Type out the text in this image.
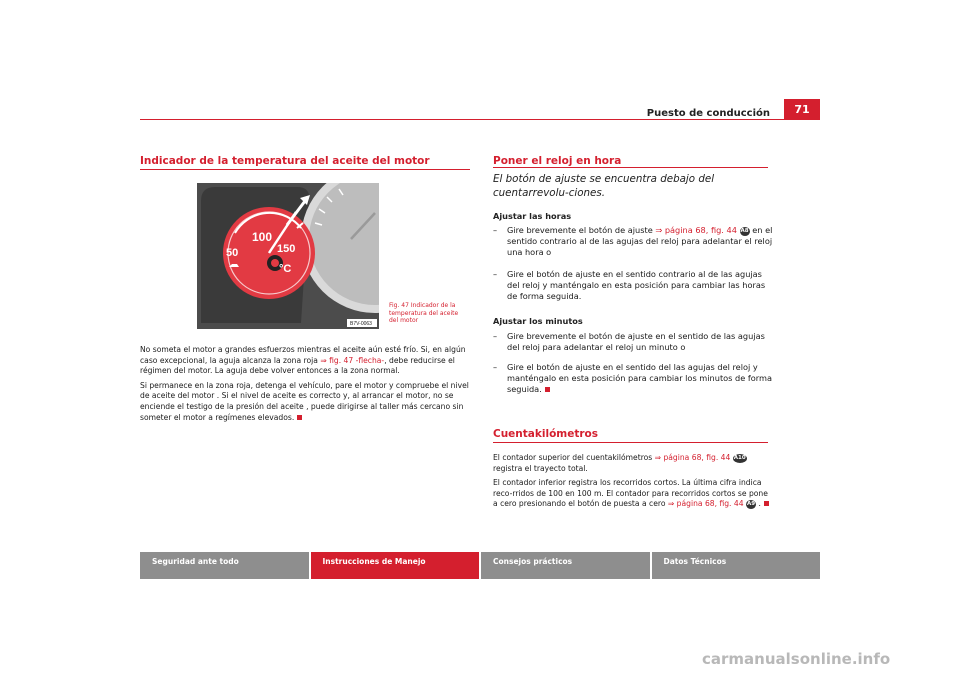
Puesto de conducción	71
Indicador de la temperatura del aceite del motor
100
50	150
°C
B7V-0063
Fig. 47 Indicador de la temperatura del aceite del motor

No someta el motor a grandes esfuerzos mientras el aceite aún esté frío. Si, en algún caso excepcional, la aguja alcanza la zona roja ⇒ fig. 47 -flecha-, debe reducirse el régimen del motor. La aguja debe volver entonces a la zona normal.

Si permanece en la zona roja, detenga el vehículo, pare el motor y compruebe el nivel de aceite del motor . Si el nivel de aceite es correcto y, al arrancar el motor, no se enciende el testigo de la presión del aceite , puede dirigirse al taller más cercano sin someter el motor a regímenes elevados.

Poner el reloj en hora
El botón de ajuste se encuentra debajo del cuentarrevolu-ciones.
Ajustar las horas
–	Gire brevemente el botón de ajuste ⇒ página 68, fig. 44 A8 en el sentido contrario al de las agujas del reloj para adelantar el reloj una hora o
–	Gire el botón de ajuste en el sentido contrario al de las agujas del reloj y manténgalo en esta posición para cambiar las horas de forma seguida.
Ajustar los minutos
–	Gire brevemente el botón de ajuste en el sentido de las agujas del reloj para adelantar el reloj un minuto o
–	Gire el botón de ajuste en el sentido del las agujas del reloj y manténgalo en esta posición para cambiar los minutos de forma seguida.
Cuentakilómetros

El contador superior del cuentakilómetros ⇒ página 68, fig. 44 A10 registra el trayecto total.

El contador inferior registra los recorridos cortos. La última cifra indica reco-rridos de 100 en 100 m. El contador para recorridos cortos se pone a cero presionando el botón de puesta a cero ⇒ página 68, fig. 44 A9 .

Seguridad ante todo	Instrucciones de Manejo	Consejos prácticos	Datos Técnicos
carmanualsonline.info
